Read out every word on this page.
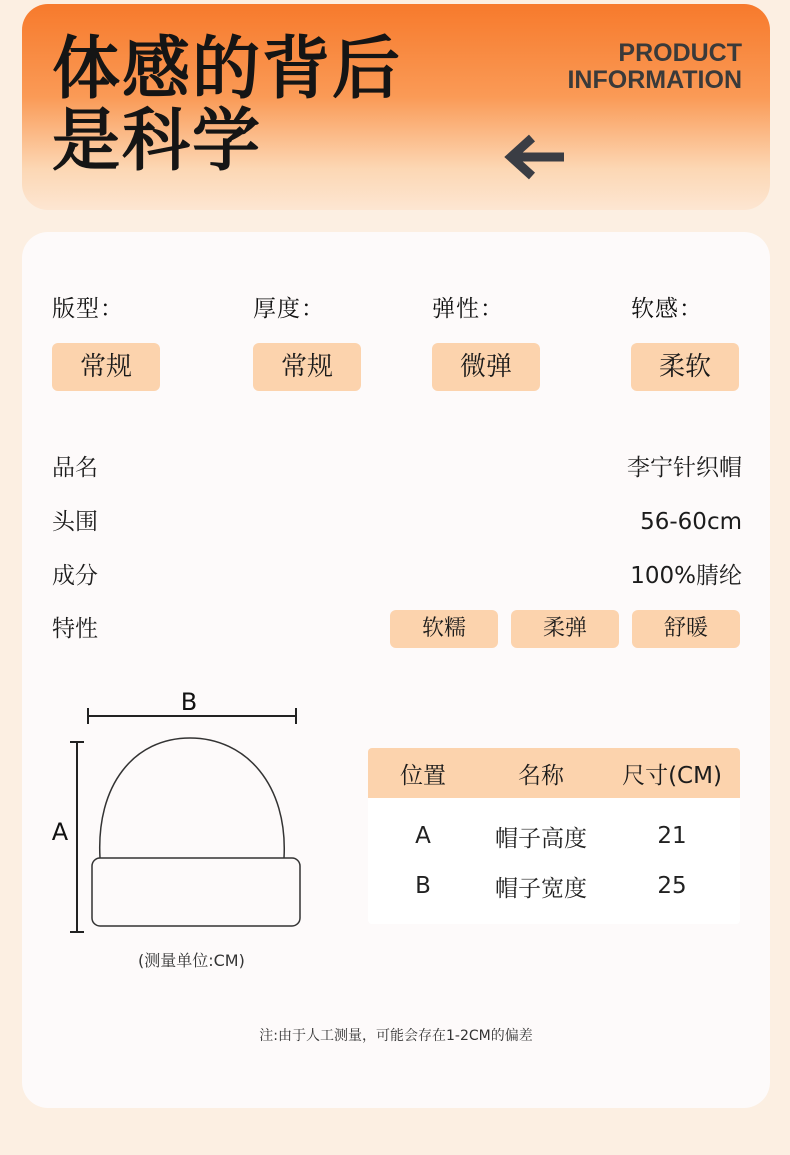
体感的背后
是科学
PRODUCT
INFORMATION
版型：
常规
厚度：
常规
弹性：
微弹
软感：
柔软
品名	李宁针织帽
头围	56-60cm
成分	100%腈纶
特性	软糯	柔弹	舒暖
B
A
(测量单位:CM)
位置	名称	尺寸(CM)
A	帽子高度	21
B	帽子宽度	25
注:由于人工测量，可能会存在1-2CM的偏差
